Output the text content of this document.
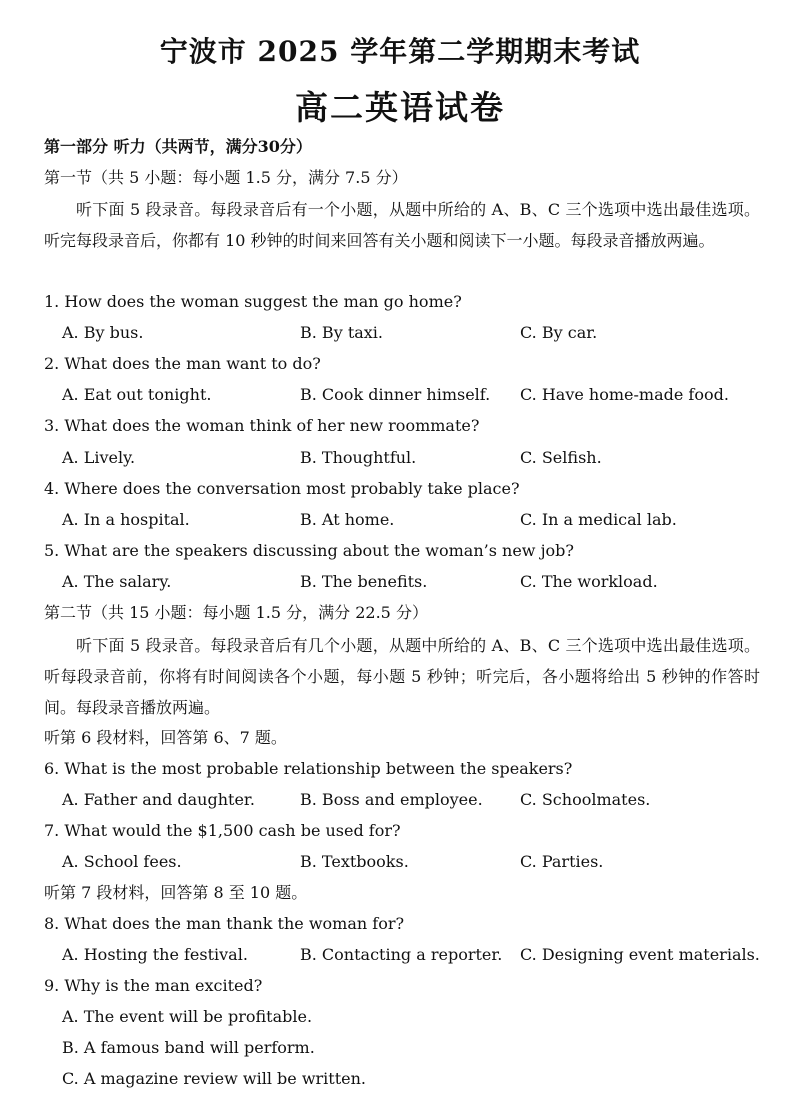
宁波市 2025 学年第二学期期末考试
高二英语试卷
第一部分 听力（共两节，满分30分）
第一节（共 5 小题：每小题 1.5 分，满分 7.5 分）
听下面 5 段录音。每段录音后有一个小题，从题中所给的 A、B、C 三个选项中选出最佳选项。听完每段录音后，你都有 10 秒钟的时间来回答有关小题和阅读下一小题。每段录音播放两遍。
1. How does the woman suggest the man go home?
A. By bus.	B. By taxi.	C. By car.
2. What does the man want to do?
A. Eat out tonight.	B. Cook dinner himself. C. Have home-made food.
3. What does the woman think of her new roommate?
A. Lively.	B. Thoughtful.	C. Selfish.
4. Where does the conversation most probably take place?
A. In a hospital.	B. At home.	C. In a medical lab.
5. What are the speakers discussing about the woman’s new job?
A. The salary.	B. The benefits.	C. The workload.
第二节（共 15 小题：每小题 1.5 分，满分 22.5 分）
听下面 5 段录音。每段录音后有几个小题，从题中所给的 A、B、C 三个选项中选出最佳选项。听每段录音前，你将有时间阅读各个小题，每小题 5 秒钟；听完后，各小题将给出 5 秒钟的作答时间。每段录音播放两遍。
听第 6 段材料，回答第 6、7 题。
6. What is the most probable relationship between the speakers?
A. Father and daughter.	B. Boss and employee. C. Schoolmates.
7. What would the $1,500 cash be used for?
A. School fees.	B. Textbooks.	C. Parties.
听第 7 段材料，回答第 8 至 10 题。
8. What does the man thank the woman for?
A. Hosting the festival.	B. Contacting a reporter. C. Designing event materials.
9. Why is the man excited?
A. The event will be profitable.
B. A famous band will perform.
C. A magazine review will be written.
